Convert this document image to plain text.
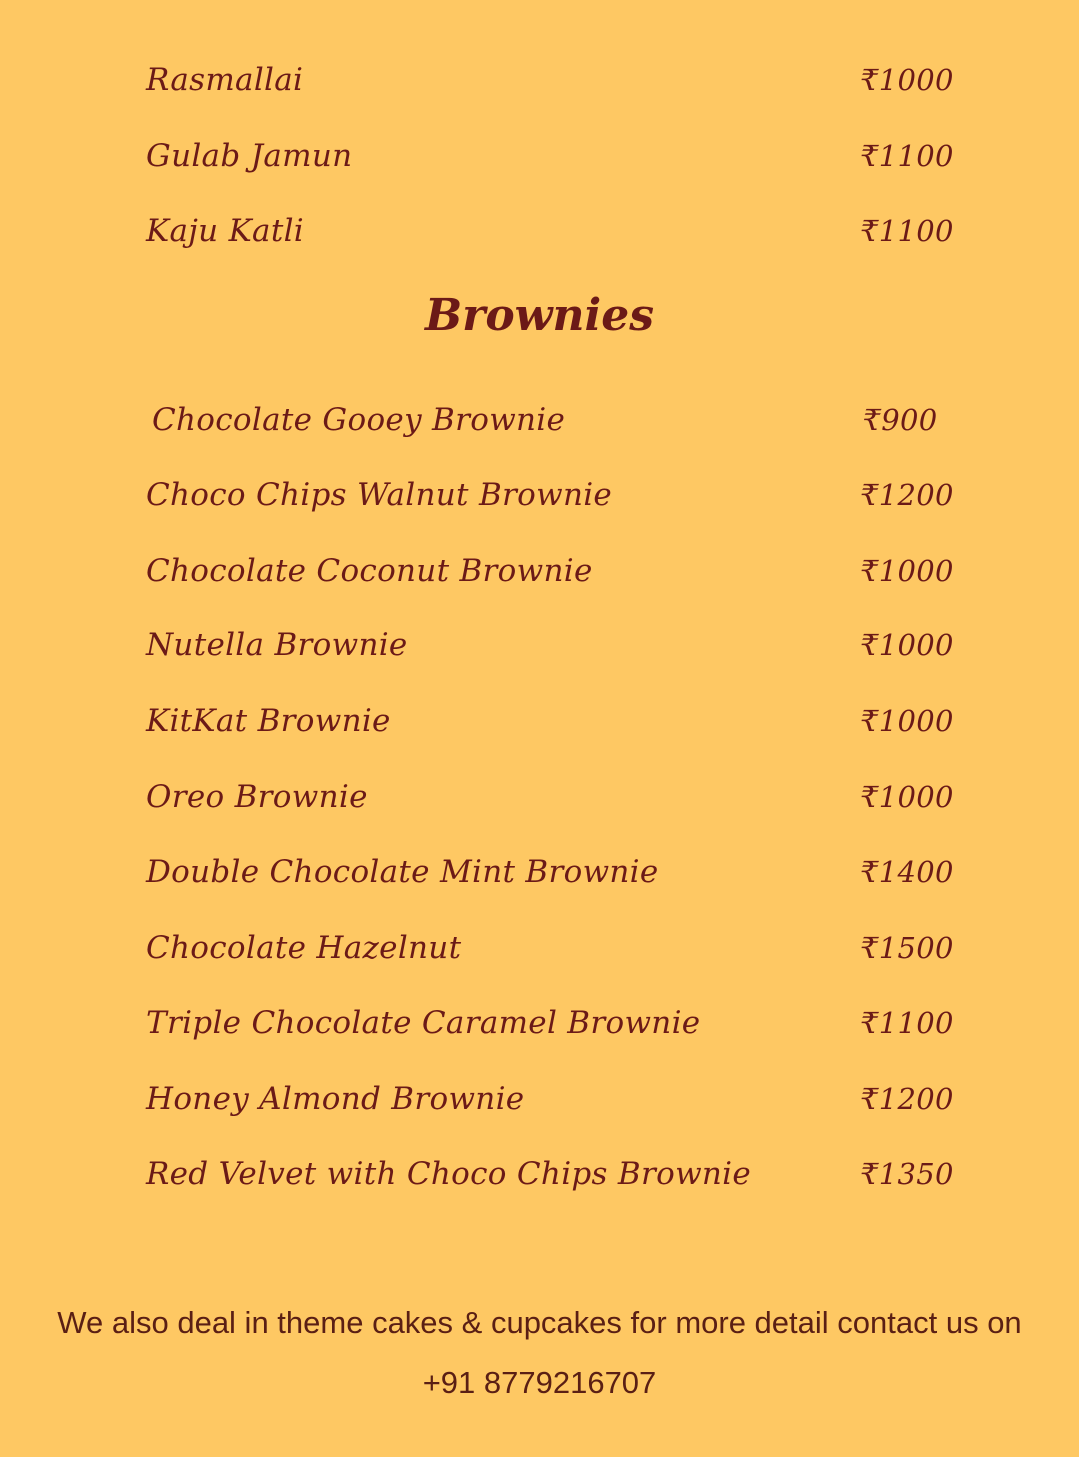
Rasmallai	₹1000
Gulab Jamun	₹1100
Kaju Katli	₹1100
Brownies
Chocolate Gooey Brownie	₹900
Choco Chips Walnut Brownie	₹1200
Chocolate Coconut Brownie	₹1000
Nutella Brownie	₹1000
KitKat Brownie	₹1000
Oreo Brownie	₹1000
Double Chocolate Mint Brownie	₹1400
Chocolate Hazelnut	₹1500
Triple Chocolate Caramel Brownie	₹1100
Honey Almond Brownie	₹1200
Red Velvet with Choco Chips Brownie	₹1350
We also deal in theme cakes & cupcakes for more detail contact us on
+91 8779216707
